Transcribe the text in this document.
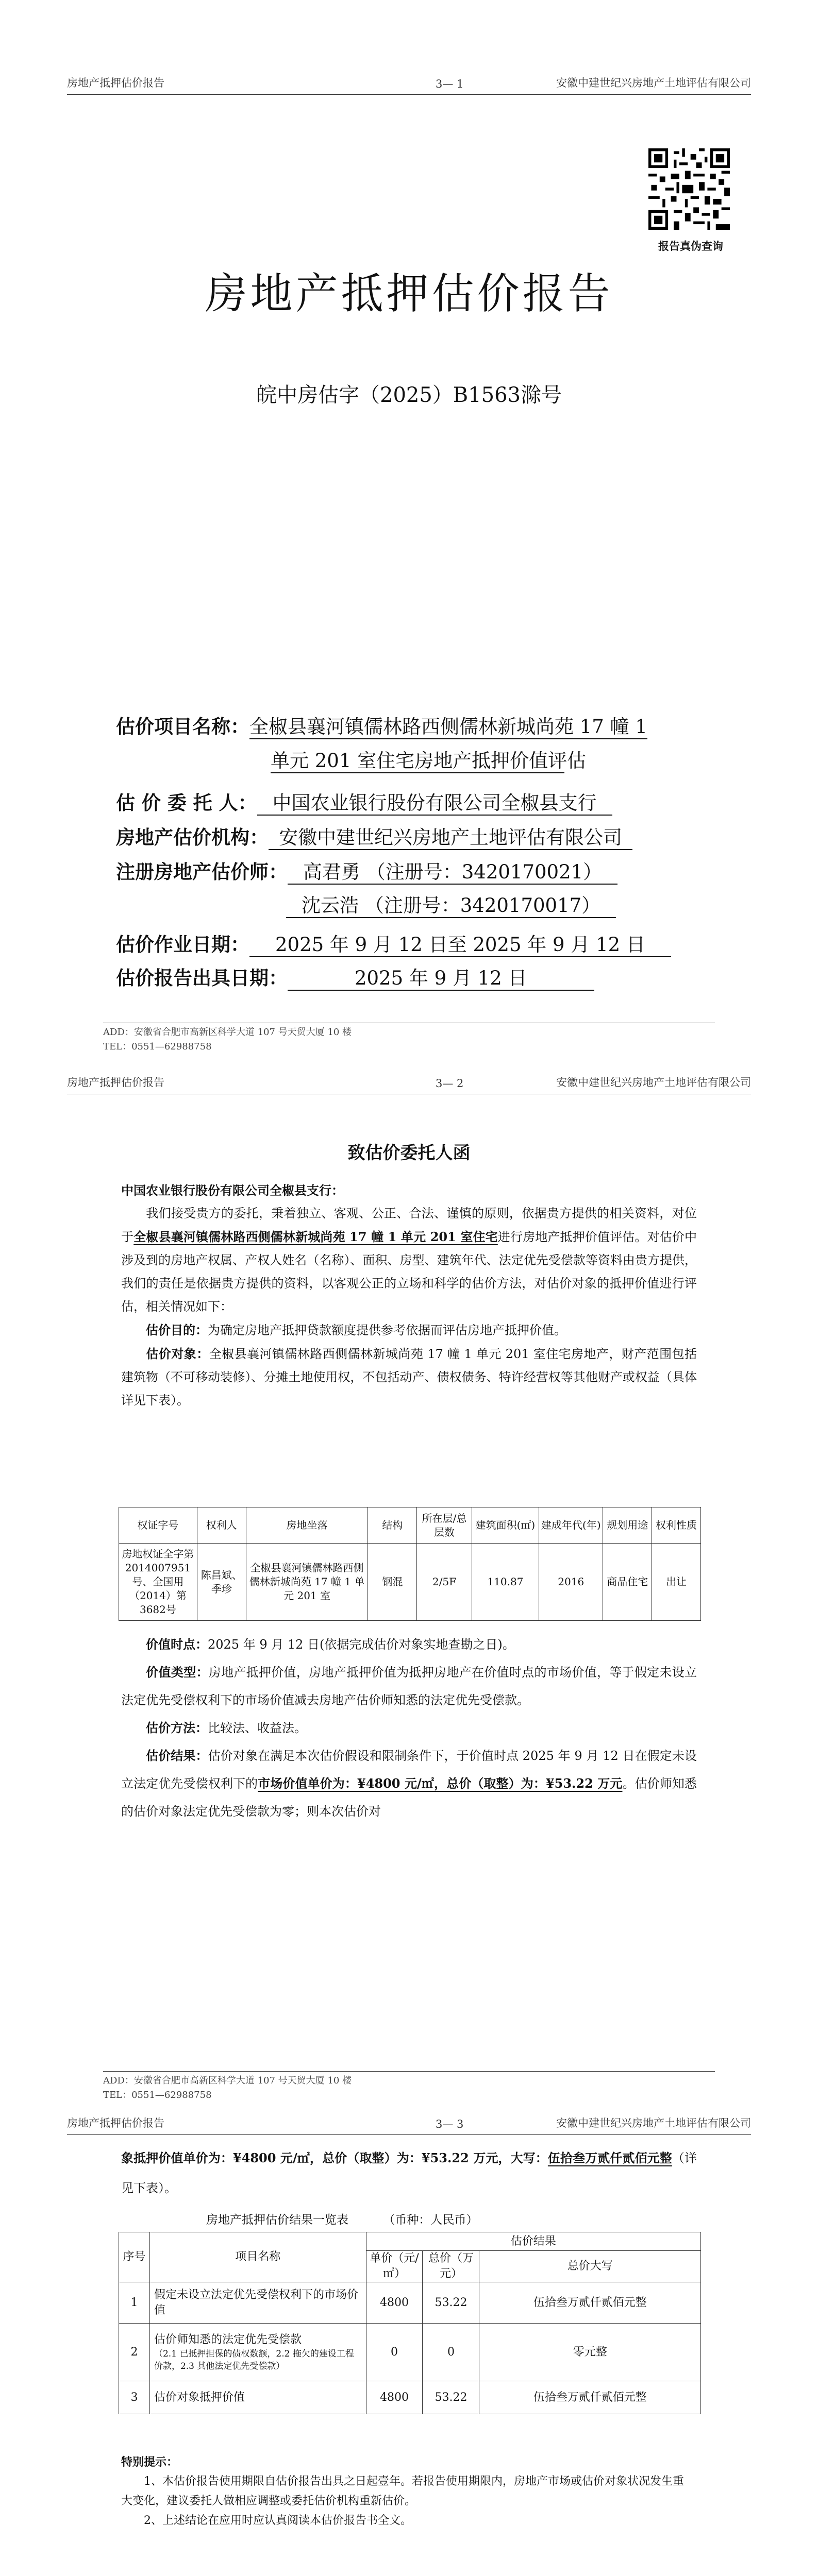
房地产抵押估价报告	3— 1	安徽中建世纪兴房地产土地评估有限公司
报告真伪查询
房地产抵押估价报告
皖中房估字（2025）B1563滁号
估价项目名称：全椒县襄河镇儒林路西侧儒林新城尚苑 17 幢 1
单元 201 室住宅房地产抵押价值评估
估 价 委 托 人： 中国农业银行股份有限公司全椒县支行
房地产估价机构： 安徽中建世纪兴房地产土地评估有限公司
注册房地产估价师： 高君勇 （注册号：3420170021）
沈云浩 （注册号：3420170017）
估价作业日期： 2025 年 9 月 12 日至 2025 年 9 月 12 日
估价报告出具日期：	2025 年 9 月 12 日
ADD：安徽省合肥市高新区科学大道 107 号天贸大厦 10 楼
TEL：0551—62988758
房地产抵押估价报告	3— 2	安徽中建世纪兴房地产土地评估有限公司
致估价委托人函
中国农业银行股份有限公司全椒县支行：
我们接受贵方的委托，秉着独立、客观、公正、合法、谨慎的原则，依据贵方提供的相关资料，对位于全椒县襄河镇儒林路西侧儒林新城尚苑 17 幢 1 单元 201 室住宅进行房地产抵押价值评估。对估价中涉及到的房地产权属、产权人姓名（名称）、面积、房型、建筑年代、法定优先受偿款等资料由贵方提供，我们的责任是依据贵方提供的资料，以客观公正的立场和科学的估价方法，对估价对象的抵押价值进行评估，相关情况如下：
估价目的：为确定房地产抵押贷款额度提供参考依据而评估房地产抵押价值。
估价对象：全椒县襄河镇儒林路西侧儒林新城尚苑 17 幢 1 单元 201 室住宅房地产，财产范围包括建筑物（不可移动装修）、分摊土地使用权，不包括动产、债权债务、特许经营权等其他财产或权益（具体详见下表）。
权证字号	权利人	房地坐落	结构	所在层/总层数	建筑面积(㎡)	建成年代(年)	规划用途	权利性质
房地权证全字第2014007951号、全国用（2014）第3682号	陈昌斌、季珍	全椒县襄河镇儒林路西侧儒林新城尚苑 17 幢 1 单元 201 室	钢混	2/5F	110.87	2016	商品住宅	出让
价值时点：2025 年 9 月 12 日(依据完成估价对象实地查勘之日)。
价值类型：房地产抵押价值，房地产抵押价值为抵押房地产在价值时点的市场价值，等于假定未设立法定优先受偿权利下的市场价值减去房地产估价师知悉的法定优先受偿款。
估价方法：比较法、收益法。
估价结果：估价对象在满足本次估价假设和限制条件下，于价值时点 2025 年 9 月 12 日在假定未设立法定优先受偿权利下的市场价值单价为：¥4800 元/㎡，总价（取整）为：¥53.22 万元。估价师知悉的估价对象法定优先受偿款为零；则本次估价对
ADD：安徽省合肥市高新区科学大道 107 号天贸大厦 10 楼
TEL：0551—62988758
房地产抵押估价报告	3— 3	安徽中建世纪兴房地产土地评估有限公司
象抵押价值单价为：¥4800 元/㎡，总价（取整）为：¥53.22 万元，大写：伍拾叁万贰仟贰佰元整（详见下表）。
房地产抵押估价结果一览表	（币种：人民币）
序号	项目名称	估价结果		
		单价（元/㎡）	总价（万元）	总价大写
1	假定未设立法定优先受偿权利下的市场价值	4800	53.22	伍拾叁万贰仟贰佰元整
2	估价师知悉的法定优先受偿款
（2.1 已抵押担保的债权数额，2.2 拖欠的建设工程价款，2.3 其他法定优先受偿款）	0	0	零元整
3	估价对象抵押价值	4800	53.22	伍拾叁万贰仟贰佰元整
特别提示：
1、本估价报告使用期限自估价报告出具之日起壹年。若报告使用期限内，房地产市场或估价对象状况发生重大变化，建议委托人做相应调整或委托估价机构重新估价。
2、上述结论在应用时应认真阅读本估价报告书全文。
